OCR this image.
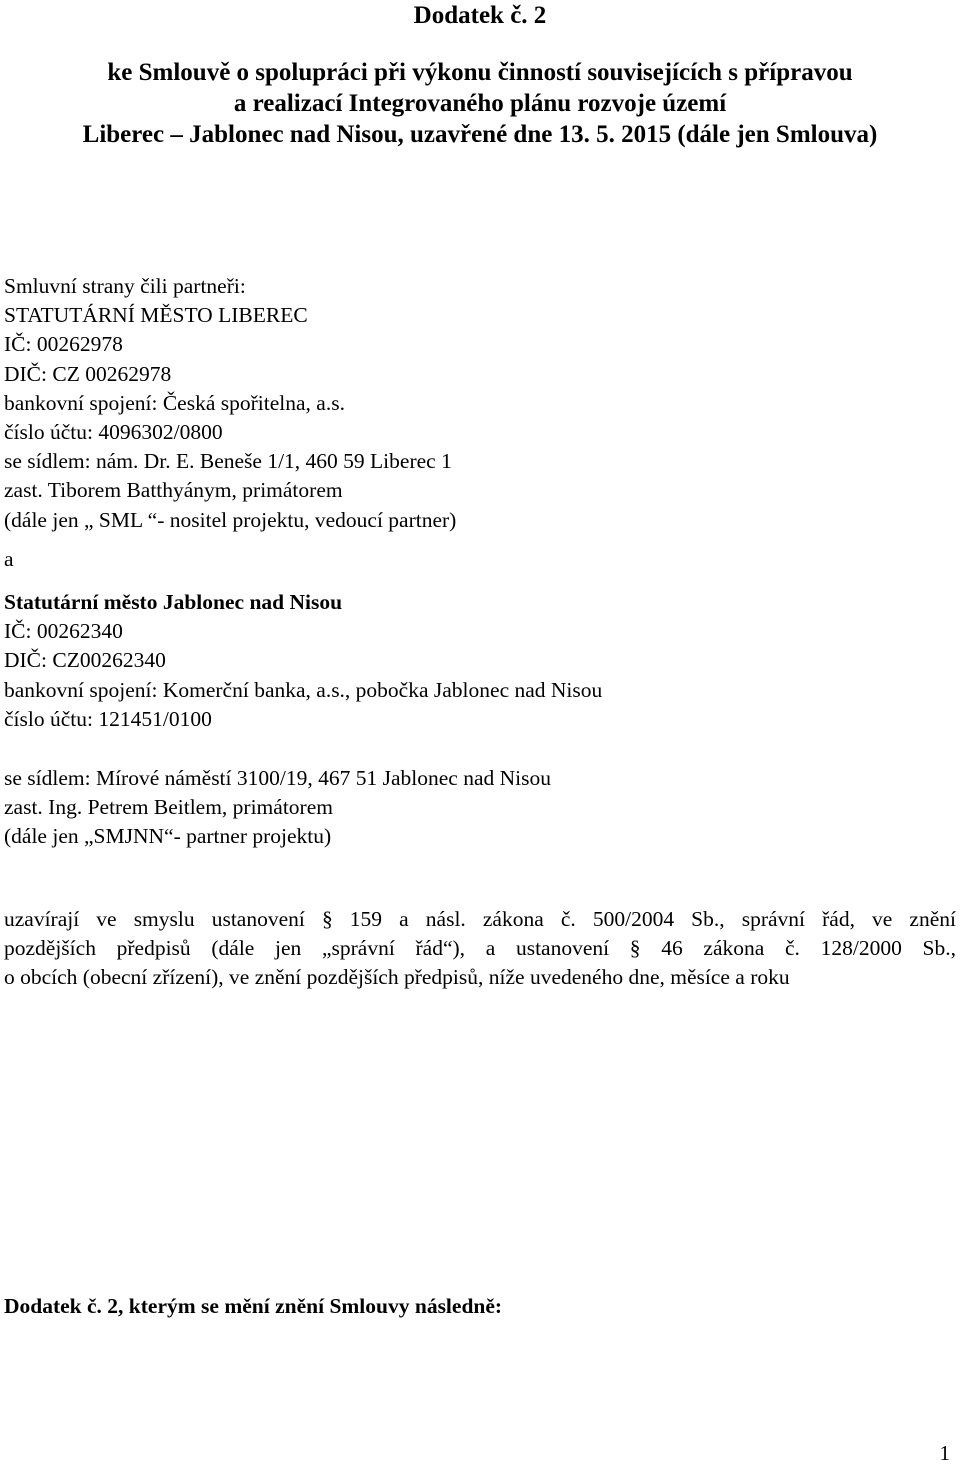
Dodatek č. 2
ke Smlouvě o spolupráci při výkonu činností souvisejících s přípravou
a realizací Integrovaného plánu rozvoje území
Liberec – Jablonec nad Nisou, uzavřené dne 13. 5. 2015 (dále jen Smlouva)
Smluvní strany čili partneři:
STATUTÁRNÍ MĚSTO LIBEREC
IČ: 00262978
DIČ: CZ 00262978
bankovní spojení: Česká spořitelna, a.s.
číslo účtu: 4096302/0800
se sídlem: nám. Dr. E. Beneše 1/1, 460 59 Liberec 1
zast. Tiborem Batthyánym, primátorem
(dále jen „ SML “- nositel projektu, vedoucí partner)
a
Statutární město Jablonec nad Nisou
IČ: 00262340
DIČ: CZ00262340
bankovní spojení: Komerční banka, a.s., pobočka Jablonec nad Nisou
číslo účtu: 121451/0100
se sídlem: Mírové náměstí 3100/19, 467 51 Jablonec nad Nisou
zast. Ing. Petrem Beitlem, primátorem
(dále jen „SMJNN“- partner projektu)
uzavírají ve smyslu ustanovení § 159 a násl. zákona č. 500/2004 Sb., správní řád, ve znění
pozdějších předpisů (dále jen „správní řád“), a ustanovení § 46 zákona č. 128/2000 Sb.,
o obcích (obecní zřízení), ve znění pozdějších předpisů, níže uvedeného dne, měsíce a roku
Dodatek č. 2, kterým se mění znění Smlouvy následně:
1
